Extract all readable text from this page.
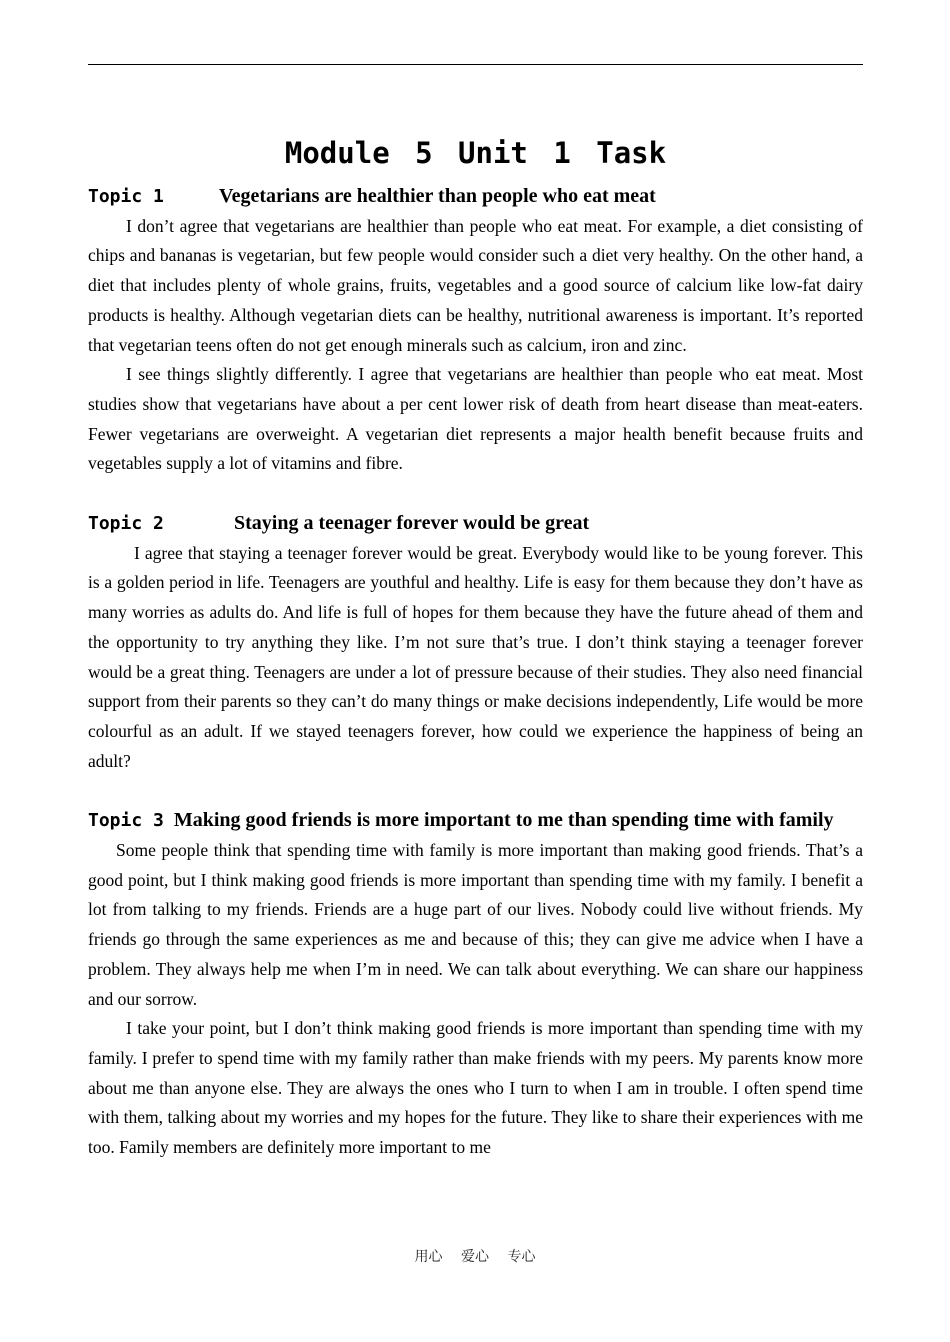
Module 5 Unit 1 Task
Topic 1	Vegetarians are healthier than people who eat meat

I don’t agree that vegetarians are healthier than people who eat meat. For example, a diet consisting of chips and bananas is vegetarian, but few people would consider such a diet very healthy. On the other hand, a diet that includes plenty of whole grains, fruits, vegetables and a good source of calcium like low-fat dairy products is healthy. Although vegetarian diets can be healthy, nutritional awareness is important. It’s reported that vegetarian teens often do not get enough minerals such as calcium, iron and zinc.

I see things slightly differently. I agree that vegetarians are healthier than people who eat meat. Most studies show that vegetarians have about a per cent lower risk of death from heart disease than meat-eaters. Fewer vegetarians are overweight. A vegetarian diet represents a major health benefit because fruits and vegetables supply a lot of vitamins and fibre.

Topic 2	Staying a teenager forever would be great

I agree that staying a teenager forever would be great. Everybody would like to be young forever. This is a golden period in life. Teenagers are youthful and healthy. Life is easy for them because they don’t have as many worries as adults do. And life is full of hopes for them because they have the future ahead of them and the opportunity to try anything they like. I’m not sure that’s true. I don’t think staying a teenager forever would be a great thing. Teenagers are under a lot of pressure because of their studies. They also need financial support from their parents so they can’t do many things or make decisions independently, Life would be more colourful as an adult. If we stayed teenagers forever, how could we experience the happiness of being an adult?

Topic 3 Making good friends is more important to me than spending time with family

Some people think that spending time with family is more important than making good friends. That’s a good point, but I think making good friends is more important than spending time with my family. I benefit a lot from talking to my friends. Friends are a huge part of our lives. Nobody could live without friends. My friends go through the same experiences as me and because of this; they can give me advice when I have a problem. They always help me when I’m in need. We can talk about everything. We can share our happiness and our sorrow.

I take your point, but I don’t think making good friends is more important than spending time with my family. I prefer to spend time with my family rather than make friends with my peers. My parents know more about me than anyone else. They are always the ones who I turn to when I am in trouble. I often spend time with them, talking about my worries and my hopes for the future. They like to share their experiences with me too. Family members are definitely more important to me

用心 爱心 专心
